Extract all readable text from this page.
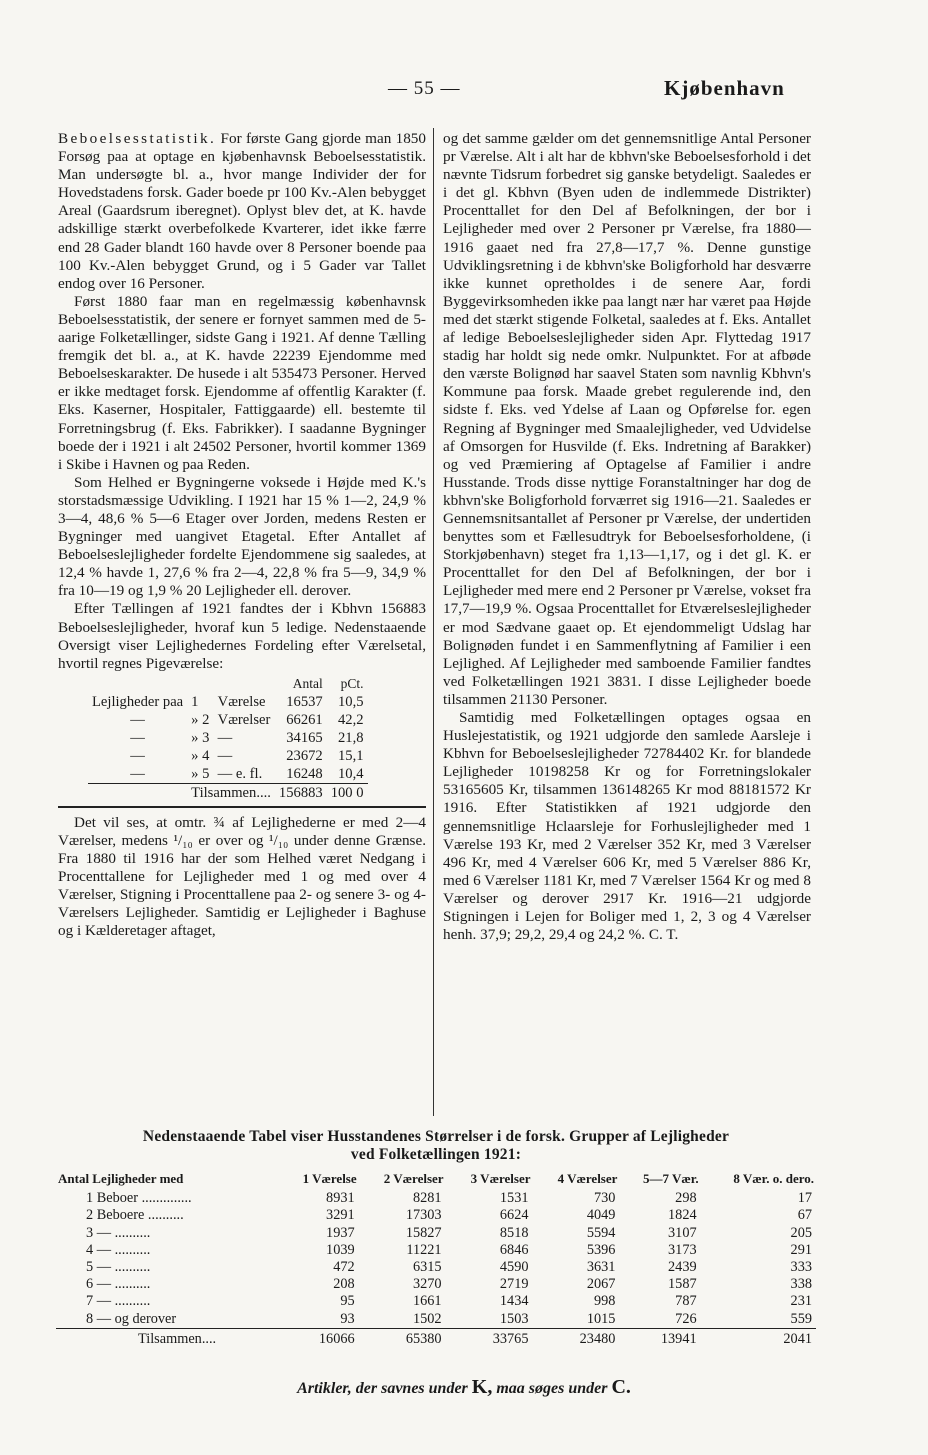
— 55 —	Kjøbenhavn

Beboelsesstatistik. For første Gang gjorde man 1850 Forsøg paa at optage en kjøbenhavnsk Beboelsesstatistik. Man undersøgte bl. a., hvor mange Individer der for Hovedstadens forsk. Gader boede pr 100 Kv.-Alen bebygget Areal (Gaardsrum iberegnet). Oplyst blev det, at K. havde adskillige stærkt overbefolkede Kvarterer, idet ikke færre end 28 Gader blandt 160 havde over 8 Personer boende paa 100 Kv.-Alen bebygget Grund, og i 5 Gader var Tallet endog over 16 Personer.

Først 1880 faar man en regelmæssig københavnsk Beboelsesstatistik, der senere er fornyet sammen med de 5-aarige Folketællinger, sidste Gang i 1921. Af denne Tælling fremgik det bl. a., at K. havde 22239 Ejendomme med Beboelseskarakter. De husede i alt 535473 Personer. Herved er ikke medtaget forsk. Ejendomme af offentlig Karakter (f. Eks. Kaserner, Hospitaler, Fattiggaarde) ell. bestemte til Forretningsbrug (f. Eks. Fabrikker). I saadanne Bygninger boede der i 1921 i alt 24502 Personer, hvortil kommer 1369 i Skibe i Havnen og paa Reden.

Som Helhed er Bygningerne voksede i Højde med K.'s storstadsmæssige Udvikling. I 1921 har 15 % 1—2, 24,9 % 3—4, 48,6 % 5—6 Etager over Jorden, medens Resten er Bygninger med uangivet Etagetal. Efter Antallet af Beboelseslejligheder fordelte Ejendommene sig saaledes, at 12,4 % havde 1, 27,6 % fra 2—4, 22,8 % fra 5—9, 34,9 % fra 10—19 og 1,9 % 20 Lejligheder ell. derover.

Efter Tællingen af 1921 fandtes der i Kbhvn 156883 Beboelseslejligheder, hvoraf kun 5 ledige. Nedenstaaende Oversigt viser Lejlighedernes Fordeling efter Værelsetal, hvortil regnes Pigeværelse:

			Antal	pCt.
Lejligheder paa	1	Værelse	16537	10,5
—	» 2	Værelser	66261	42,2
—	» 3	—	34165	21,8
—	» 4	—	23672	15,1
—	» 5	— e. fl.	16248	10,4
	Tilsammen....		156883	100 0

Det vil ses, at omtr. ¾ af Lejlighederne er med 2—4 Værelser, medens ¹/₁₀ er over og ¹/₁₀ under denne Grænse. Fra 1880 til 1916 har der som Helhed været Nedgang i Procenttallene for Lejligheder med 1 og med over 4 Værelser, Stigning i Procenttallene paa 2- og senere 3- og 4-Værelsers Lejligheder. Samtidig er Lejligheder i Baghuse og i Kælderetager aftaget,

og det samme gælder om det gennemsnitlige Antal Personer pr Værelse. Alt i alt har de kbhvn'ske Beboelsesforhold i det nævnte Tidsrum forbedret sig ganske betydeligt. Saaledes er i det gl. Kbhvn (Byen uden de indlemmede Distrikter) Procenttallet for den Del af Befolkningen, der bor i Lejligheder med over 2 Personer pr Værelse, fra 1880—1916 gaaet ned fra 27,8—17,7 %. Denne gunstige Udviklingsretning i de kbhvn'ske Boligforhold har desværre ikke kunnet opretholdes i de senere Aar, fordi Byggevirksomheden ikke paa langt nær har været paa Højde med det stærkt stigende Folketal, saaledes at f. Eks. Antallet af ledige Beboelseslejligheder siden Apr. Flyttedag 1917 stadig har holdt sig nede omkr. Nulpunktet. For at afbøde den værste Bolignød har saavel Staten som navnlig Kbhvn's Kommune paa forsk. Maade grebet regulerende ind, den sidste f. Eks. ved Ydelse af Laan og Opførelse for. egen Regning af Bygninger med Smaalejligheder, ved Udvidelse af Omsorgen for Husvilde (f. Eks. Indretning af Barakker) og ved Præmiering af Optagelse af Familier i andre Husstande. Trods disse nyttige Foranstaltninger har dog de kbhvn'ske Boligforhold forværret sig 1916—21. Saaledes er Gennemsnitsantallet af Personer pr Værelse, der undertiden benyttes som et Fællesudtryk for Beboelsesforholdene, (i Storkjøbenhavn) steget fra 1,13—1,17, og i det gl. K. er Procenttallet for den Del af Befolkningen, der bor i Lejligheder med mere end 2 Personer pr Værelse, vokset fra 17,7—19,9 %. Ogsaa Procenttallet for Etværelseslejligheder er mod Sædvane gaaet op. Et ejendommeligt Udslag har Bolignøden fundet i en Sammenflytning af Familier i een Lejlighed. Af Lejligheder med samboende Familier fandtes ved Folketællingen 1921 3831. I disse Lejligheder boede tilsammen 21130 Personer.

Samtidig med Folketællingen optages ogsaa en Huslejestatistik, og 1921 udgjorde den samlede Aarsleje i Kbhvn for Beboelseslejligheder 72784402 Kr. for blandede Lejligheder 10198258 Kr og for Forretningslokaler 53165605 Kr, tilsammen 136148265 Kr mod 88181572 Kr 1916. Efter Statistikken af 1921 udgjorde den gennemsnitlige Hclaarsleje for Forhuslejligheder med 1 Værelse 193 Kr, med 2 Værelser 352 Kr, med 3 Værelser 496 Kr, med 4 Værelser 606 Kr, med 5 Værelser 886 Kr, med 6 Værelser 1181 Kr, med 7 Værelser 1564 Kr og med 8 Værelser og derover 2917 Kr. 1916—21 udgjorde Stigningen i Lejen for Boliger med 1, 2, 3 og 4 Værelser henh. 37,9; 29,2, 29,4 og 24,2 %. C. T.

Nedenstaaende Tabel viser Husstandenes Størrelser i de forsk. Grupper af Lejligheder
ved Folketællingen 1921:
Antal Lejligheder med	1 Værelse	2 Værelser	3 Værelser	4 Værelser	5—7 Vær.	8 Vær. o. dero.
1 Beboer ..............	8931	8281	1531	730	298	17
2 Beboere ..........	3291	17303	6624	4049	1824	67
3 — ..........	1937	15827	8518	5594	3107	205
4 — ..........	1039	11221	6846	5396	3173	291
5 — ..........	472	6315	4590	3631	2439	333
6 — ..........	208	3270	2719	2067	1587	338
7 — ..........	95	1661	1434	998	787	231
8 — og derover	93	1502	1503	1015	726	559
Tilsammen....	16066	65380	33765	23480	13941	2041
Artikler, der savnes under K, maa søges under C.
